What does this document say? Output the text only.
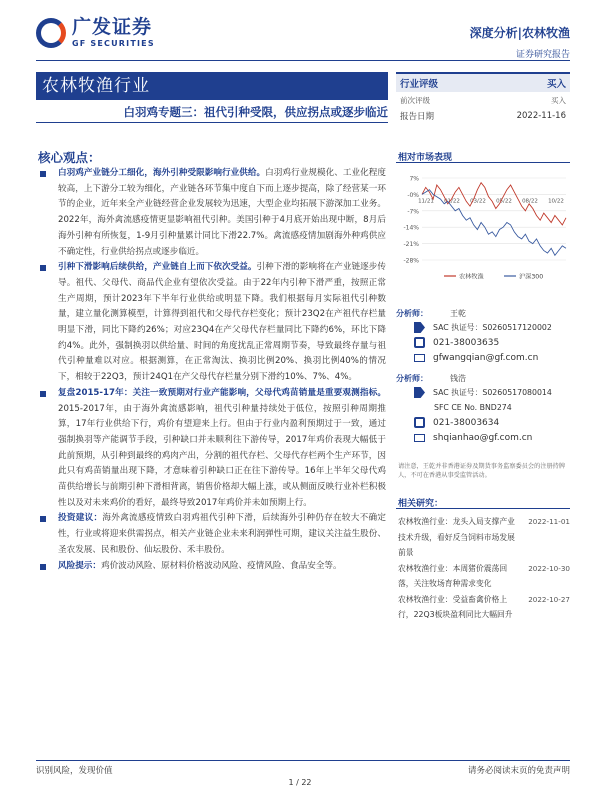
广发证券
GF SECURITIES
深度分析|农林牧渔
证券研究报告
农林牧渔行业
白羽鸡专题三：祖代引种受限，供应拐点或逐步临近
核心观点：
白羽鸡产业链分工细化，海外引种受限影响行业供给。白羽鸡行业规模化、工业化程度较高，上下游分工较为细化，产业链各环节集中度自下而上逐步提高，除了经营某一环节的企业，近年来全产业链经营企业发展较为迅速，大型企业均拓展下游深加工业务。2022年，海外禽流感疫情更显影响祖代引种。美国引种于4月底开始出现中断，8月后海外引种有所恢复，1-9月引种量累计同比下滑22.7%。禽流感疫情加剧海外种鸡供应不确定性，行业供给拐点或逐步临近。
引种下滑影响后续供给，产业链自上而下依次受益。引种下滑的影响将在产业链逐步传导。祖代、父母代、商品代企业有望依次受益。由于22年内引种下滑严重，按照正常生产周期，预计2023年下半年行业供给或明显下降。我们根据每月实际祖代引种数量，建立量化测算模型，计算得到祖代和父母代存栏变化；预计23Q2在产祖代存栏量明显下滑，同比下降约26%；对应23Q4在产父母代存栏量同比下降约6%，环比下降约4%。此外，强制换羽以供给量、时间的角度扰乱正常周期节奏，导致最终存量与祖代引种量难以对应。根据测算，在正常淘汰、换羽比例20%、换羽比例40%的情况下，相较于22Q3，预计24Q1在产父母代存栏量分别下滑约10%、7%、4%。
复盘2015-17年：关注一致预期对行业产能影响，父母代鸡苗销量是重要观测指标。2015-2017年，由于海外禽流感影响，祖代引种量持续处于低位，按照引种周期推算，17年行业供给下行，鸡价有望迎来上行。但由于行业内盈利预期过于一致，通过强制换羽等产能调节手段，引种缺口并未顺利往下游传导，2017年鸡价表现大幅低于此前预期，从引种到最终的鸡肉产出，分割的祖代存栏、父母代存栏两个生产环节，因此只有鸡苗销量出现下降，才意味着引种缺口正在往下游传导。16年上半年父母代鸡苗供给增长与前期引种下滑相背离，销售价格却大幅上涨，或从侧面反映行业补栏积极性以及对未来鸡价的看好，最终导致2017年鸡价并未如预期上行。
投资建议：海外禽流感疫情致白羽鸡祖代引种下滑，后续海外引种仍存在较大不确定性，行业或将迎来供需拐点，相关产业链企业未来利润弹性可期，建议关注益生股份、圣农发展、民和股份、仙坛股份、禾丰股份。
风险提示：鸡价波动风险、原材料价格波动风险、疫情风险、食品安全等。
行业评级	买入
前次评级	买入
报告日期	2022-11-16
相对市场表现
7%
-0%
-7%
-14%
-21%
-28%
11/21 01/22 03/22 05/22 08/22 10/22
农林牧渔	沪深300
分析师：	王乾
SAC 执证号：S0260517120002
021-38003635
gfwangqian@gf.com.cn
分析师：	钱浩
SAC 执证号：S0260517080014
SFC CE No. BND274
021-38003634
shqianhao@gf.com.cn
请注意，王乾并非香港证券及期货事务监察委员会的注册持牌人，不可在香港从事受监管活动。
相关研究：
农林牧渔行业：龙头入局支撑产业技术升级，看好反刍饲料市场发展前景
2022-11-01
农林牧渔行业：本周猪价震荡回落，关注牧场育种需求变化
2022-10-30
农林牧渔行业：受益畜禽价格上行，22Q3板块盈利同比大幅回升
2022-10-27
识别风险，发现价值	请务必阅读末页的免责声明
1 / 22
